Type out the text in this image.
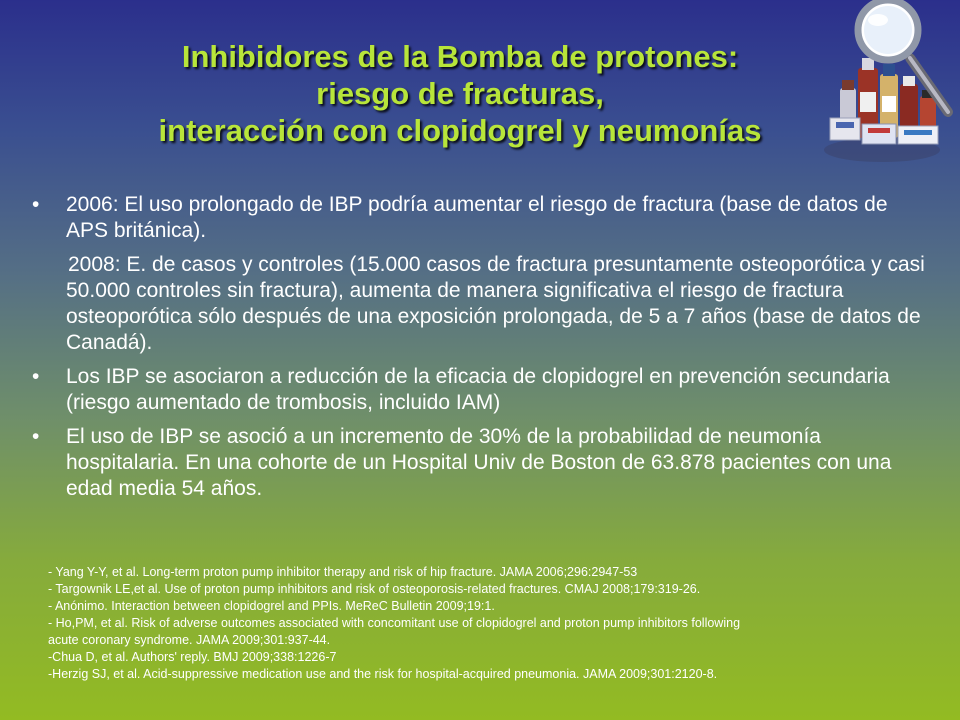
Inhibidores de la Bomba de protones:
riesgo de fracturas,
interacción con clopidogrel y neumonías
• 2006: El uso prolongado de IBP podría aumentar el riesgo de fractura (base de datos de APS británica).
2008: E. de casos y controles (15.000 casos de fractura presuntamente osteoporótica y casi 50.000 controles sin fractura), aumenta de manera significativa el riesgo de fractura osteoporótica sólo después de una exposición prolongada, de 5 a 7 años (base de datos de Canadá).
• Los IBP se asociaron a reducción de la eficacia de clopidogrel en prevención secundaria (riesgo aumentado de trombosis, incluido IAM)
• El uso de IBP se asoció a un incremento de 30% de la probabilidad de neumonía hospitalaria. En una cohorte de un Hospital Univ de Boston de 63.878 pacientes con una edad media 54 años.
- Yang Y-Y, et al. Long-term proton pump inhibitor therapy and risk of hip fracture. JAMA 2006;296:2947-53
- Targownik LE,et al. Use of proton pump inhibitors and risk of osteoporosis-related fractures. CMAJ 2008;179:319-26.
- Anónimo. Interaction between clopidogrel and PPIs. MeReC Bulletin 2009;19:1.
- Ho,PM, et al. Risk of adverse outcomes associated with concomitant use of clopidogrel and proton pump inhibitors following
acute coronary syndrome. JAMA 2009;301:937-44.
-Chua D, et al. Authors' reply. BMJ 2009;338:1226-7
-Herzig SJ, et al. Acid-suppressive medication use and the risk for hospital-acquired pneumonia. JAMA 2009;301:2120-8.
